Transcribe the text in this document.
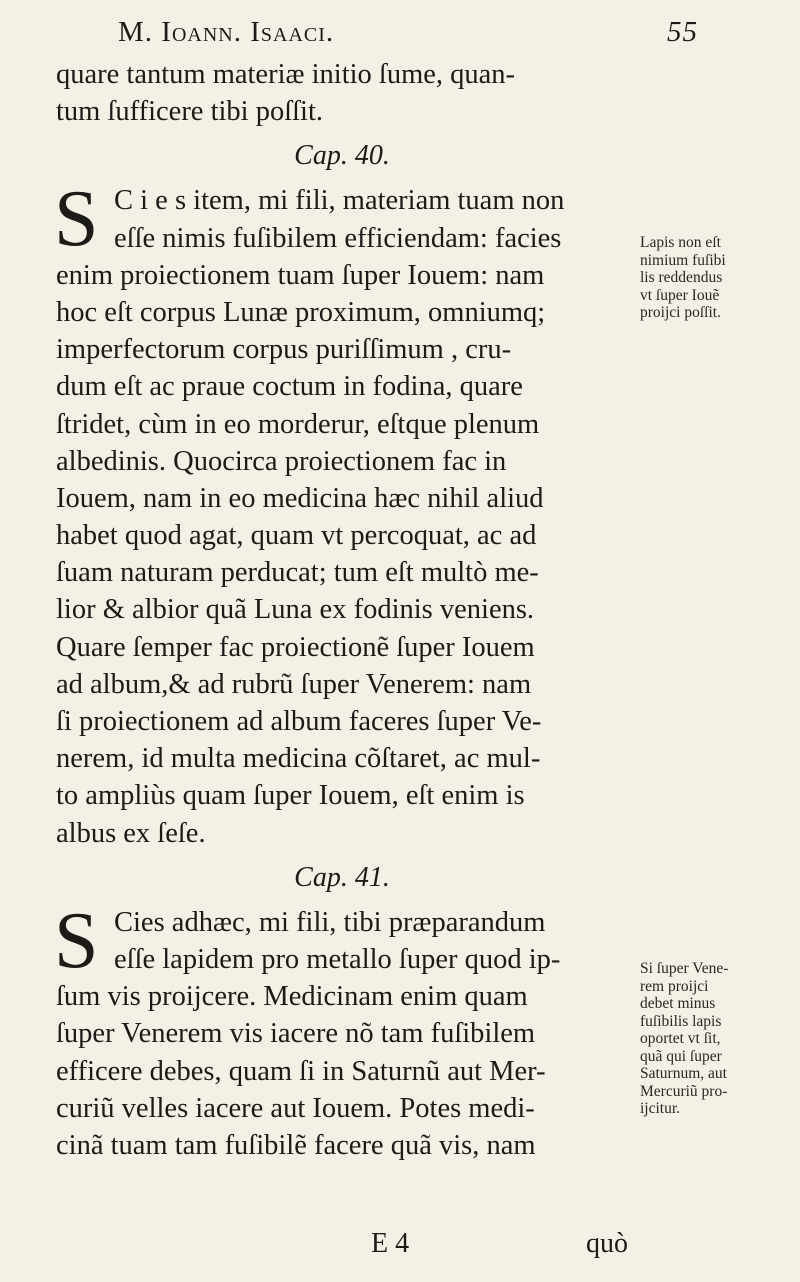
M. Ioann. Isaaci.	55
quare tantum materiæ initio ſume, quan-
tum ſufficere tibi poſſit.
Cap. 40.
S C i e s item, mi fili, materiam tuam non
eſſe nimis fuſibilem efficiendam: facies
enim proiectionem tuam ſuper Iouem: nam
hoc eſt corpus Lunæ proximum, omniumq;
imperfectorum corpus puriſſimum , cru-
dum eſt ac praue coctum in fodina, quare
ſtridet, cùm in eo morderur, eſtque plenum
albedinis. Quocirca proiectionem fac in
Iouem, nam in eo medicina hæc nihil aliud
habet quod agat, quam vt percoquat, ac ad
ſuam naturam perducat; tum eſt multò me-
lior & albior quã Luna ex fodinis veniens.
Quare ſemper fac proiectionẽ ſuper Iouem
ad album,& ad rubrũ ſuper Venerem: nam
ſi proiectionem ad album faceres ſuper Ve-
nerem, id multa medicina cõſtaret, ac mul-
to ampliùs quam ſuper Iouem, eſt enim is
albus ex ſeſe.
Cap. 41.
S Cies adhæc, mi fili, tibi præparandum
eſſe lapidem pro metallo ſuper quod ip-
ſum vis proijcere. Medicinam enim quam
ſuper Venerem vis iacere nõ tam fuſibilem
efficere debes, quam ſi in Saturnũ aut Mer-
curiũ velles iacere aut Iouem. Potes medi-
cinã tuam tam fuſibilẽ facere quã vis, nam
Lapis non eſt
nimium fuſibi
lis reddendus
vt ſuper Iouẽ
proijci poſſit.
Si ſuper Vene-
rem proijci
debet minus
fuſibilis lapis
oportet vt ſit,
quã qui ſuper
Saturnum, aut
Mercuriũ pro-
ijcitur.
E 4	quò
